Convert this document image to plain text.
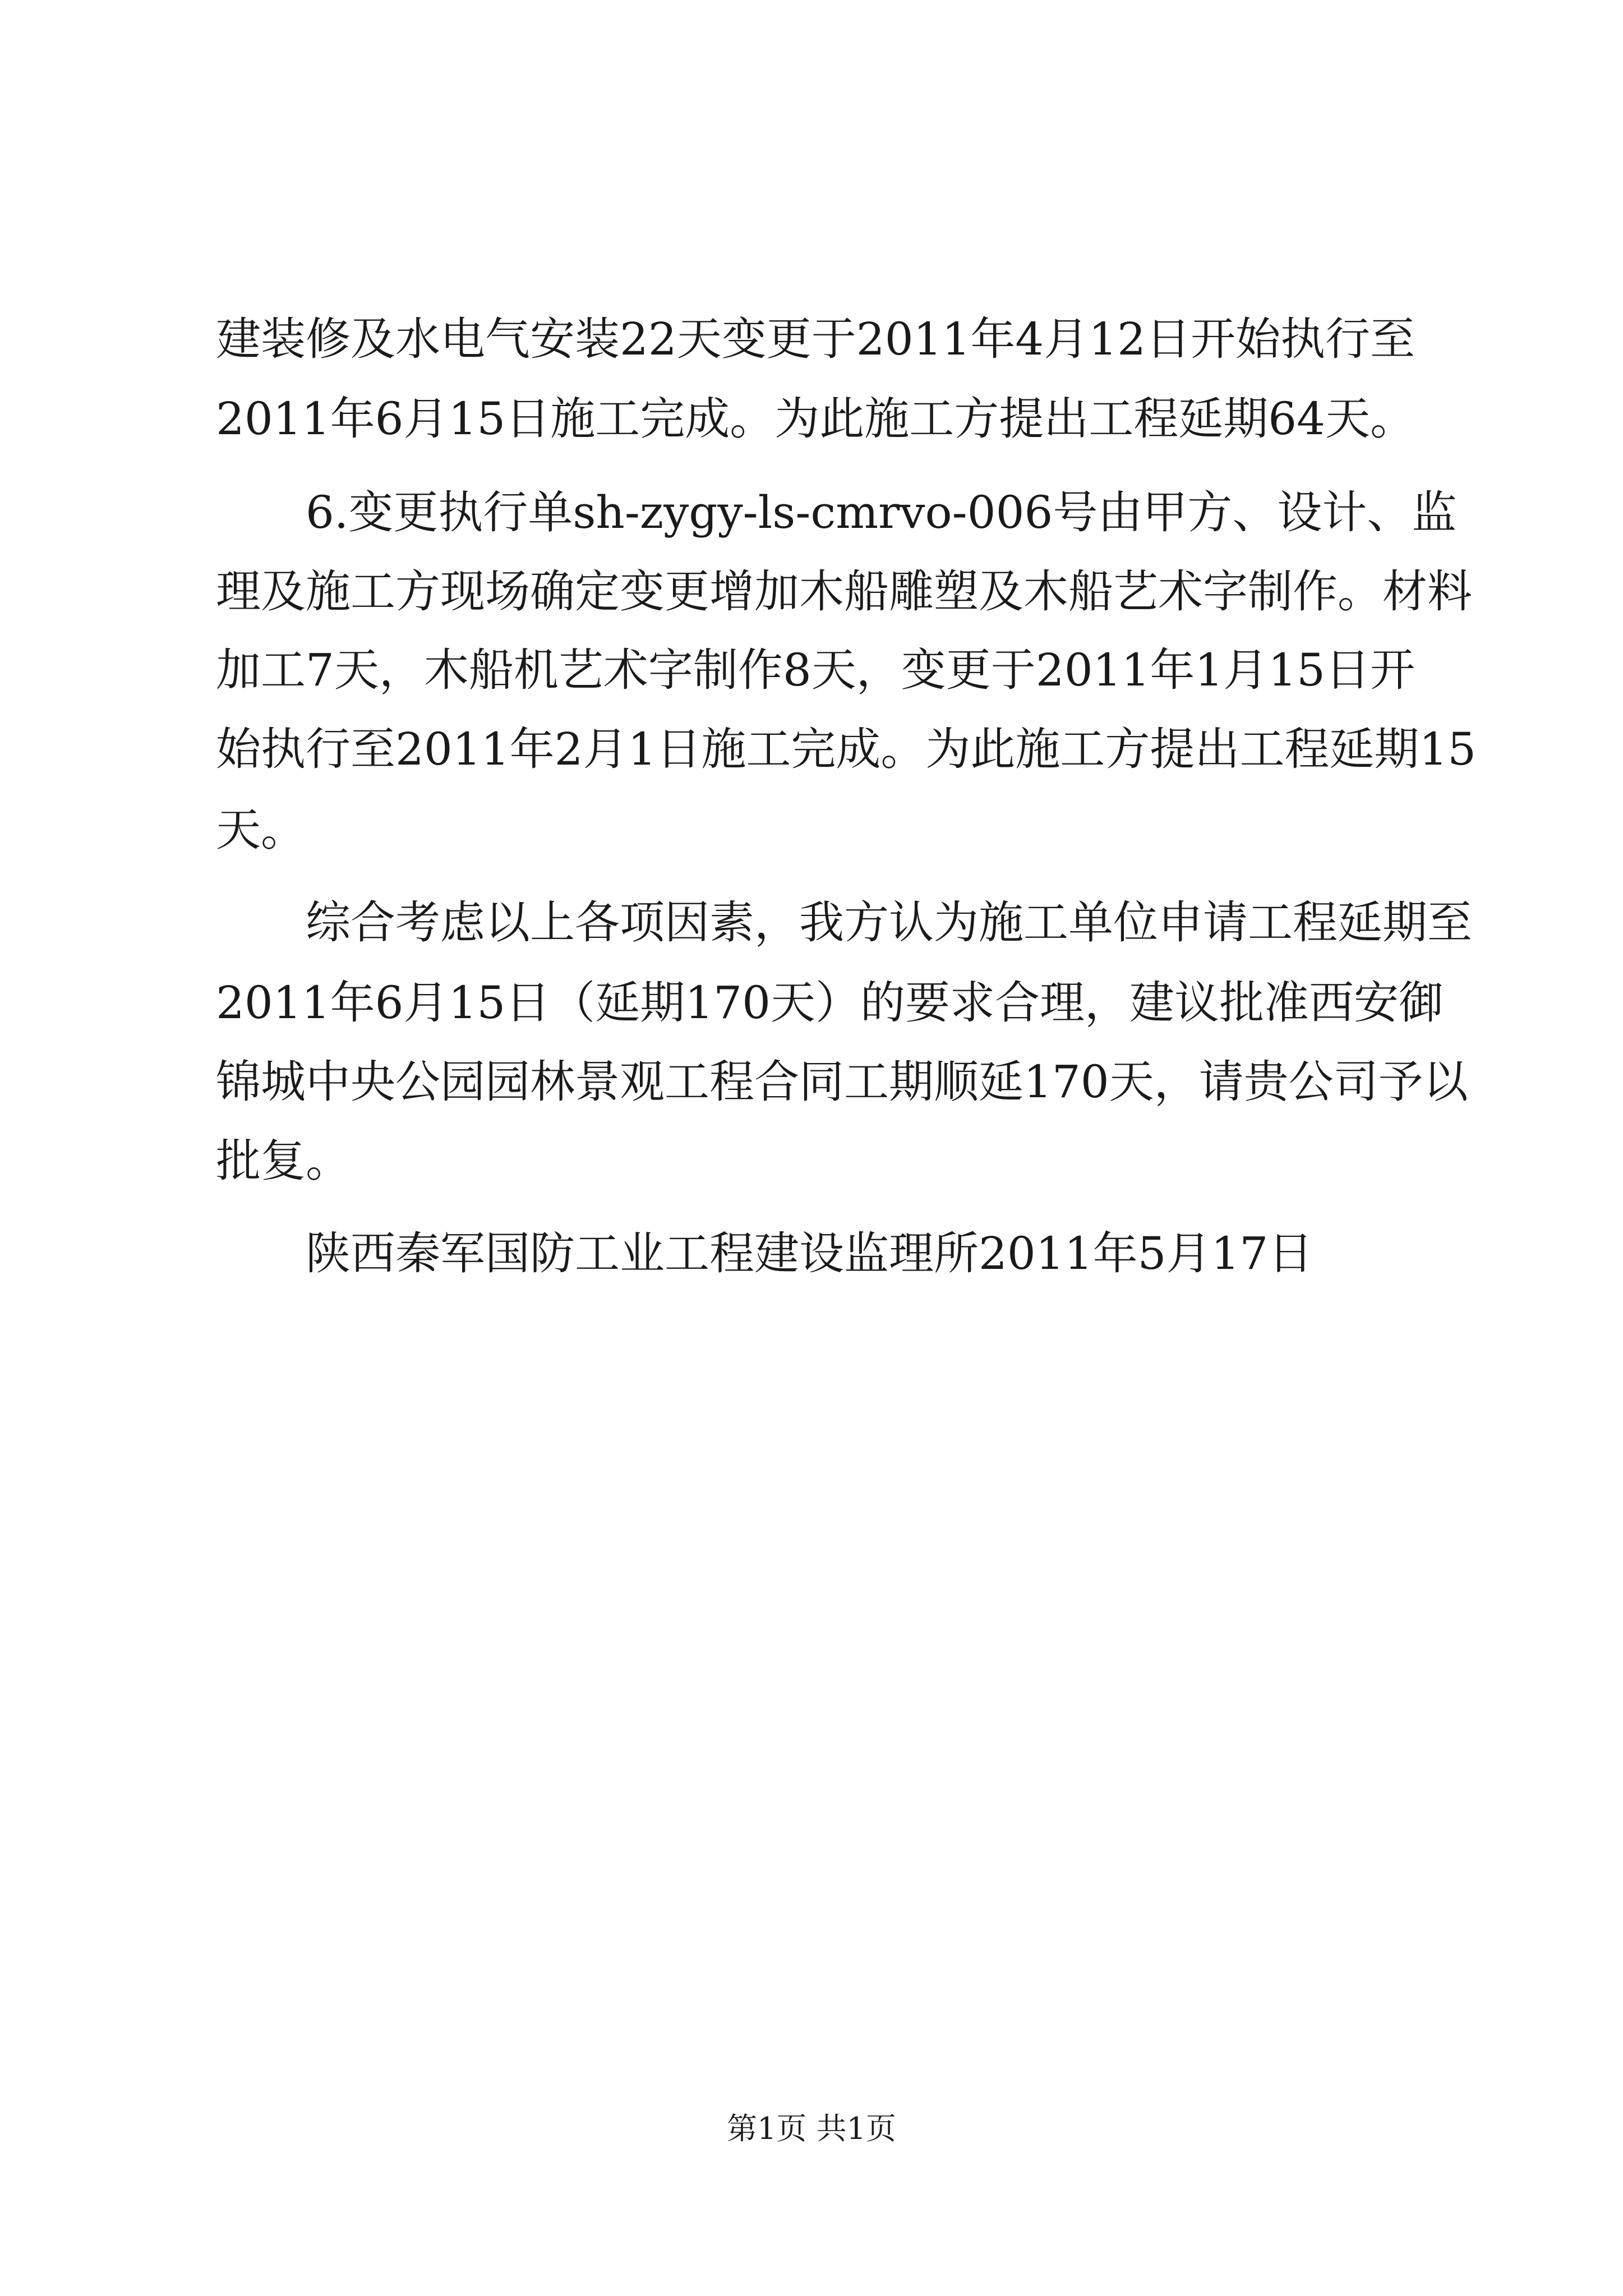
建装修及水电气安装22天变更于2011年4月12日开始执行至
2011年6月15日施工完成。为此施工方提出工程延期64天。
6.变更执行单sh-zygy-ls-cmrvo-006号由甲方、设计、监
理及施工方现场确定变更增加木船雕塑及木船艺术字制作。材料
加工7天，木船机艺术字制作8天，变更于2011年1月15日开
始执行至2011年2月1日施工完成。为此施工方提出工程延期15
天。
综合考虑以上各项因素，我方认为施工单位申请工程延期至
2011年6月15日（延期170天）的要求合理，建议批准西安御
锦城中央公园园林景观工程合同工期顺延170天，请贵公司予以
批复。
陕西秦军国防工业工程建设监理所2011年5月17日
第1页 共1页
